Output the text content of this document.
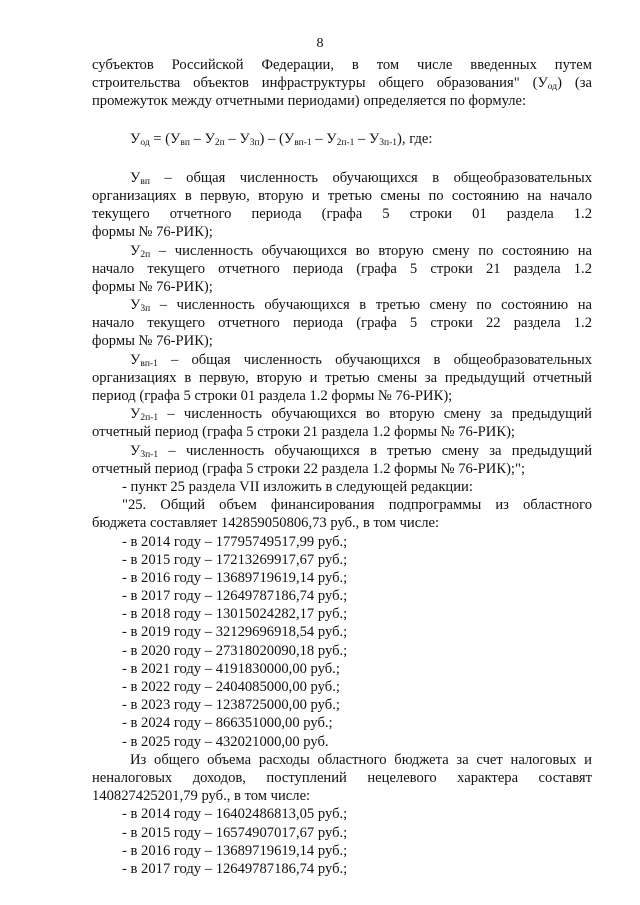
8
субъектов Российской Федерации, в том числе введенных путем
строительства объектов инфраструктуры общего образования" $(У_{од})$ (за
промежуток между отчетными периодами) определяется по формуле:
$У_{од} = (У_{вп} - У_{2п} - У_{3п}) - (У_{вп-1} - У_{2п-1} - У_{3п-1})$, где:
$У_{вп}$ – общая численность обучающихся в общеобразовательных
организациях в первую, вторую и третью смены по состоянию на начало
текущего отчетного периода (графа 5 строки 01 раздела 1.2
формы № 76-РИК);
$У_{2п}$ – численность обучающихся во вторую смену по состоянию на
начало текущего отчетного периода (графа 5 строки 21 раздела 1.2
формы № 76-РИК);
$У_{3п}$ – численность обучающихся в третью смену по состоянию на
начало текущего отчетного периода (графа 5 строки 22 раздела 1.2
формы № 76-РИК);
$У_{вп-1}$ – общая численность обучающихся в общеобразовательных
организациях в первую, вторую и третью смены за предыдущий отчетный
период (графа 5 строки 01 раздела 1.2 формы № 76-РИК);
$У_{2п-1}$ – численность обучающихся во вторую смену за предыдущий
отчетный период (графа 5 строки 21 раздела 1.2 формы № 76-РИК);
$У_{3п-1}$ – численность обучающихся в третью смену за предыдущий
отчетный период (графа 5 строки 22 раздела 1.2 формы № 76-РИК);";
- пункт 25 раздела VII изложить в следующей редакции:
"25. Общий объем финансирования подпрограммы из областного
бюджета составляет 142859050806,73 руб., в том числе:
- в 2014 году – 17795749517,99 руб.;
- в 2015 году – 17213269917,67 руб.;
- в 2016 году – 13689719619,14 руб.;
- в 2017 году – 12649787186,74 руб.;
- в 2018 году – 13015024282,17 руб.;
- в 2019 году – 32129696918,54 руб.;
- в 2020 году – 27318020090,18 руб.;
- в 2021 году – 4191830000,00 руб.;
- в 2022 году – 2404085000,00 руб.;
- в 2023 году – 1238725000,00 руб.;
- в 2024 году – 866351000,00 руб.;
- в 2025 году – 432021000,00 руб.
Из общего объема расходы областного бюджета за счет налоговых и
неналоговых доходов, поступлений нецелевого характера составят
140827425201,79 руб., в том числе:
- в 2014 году – 16402486813,05 руб.;
- в 2015 году – 16574907017,67 руб.;
- в 2016 году – 13689719619,14 руб.;
- в 2017 году – 12649787186,74 руб.;
